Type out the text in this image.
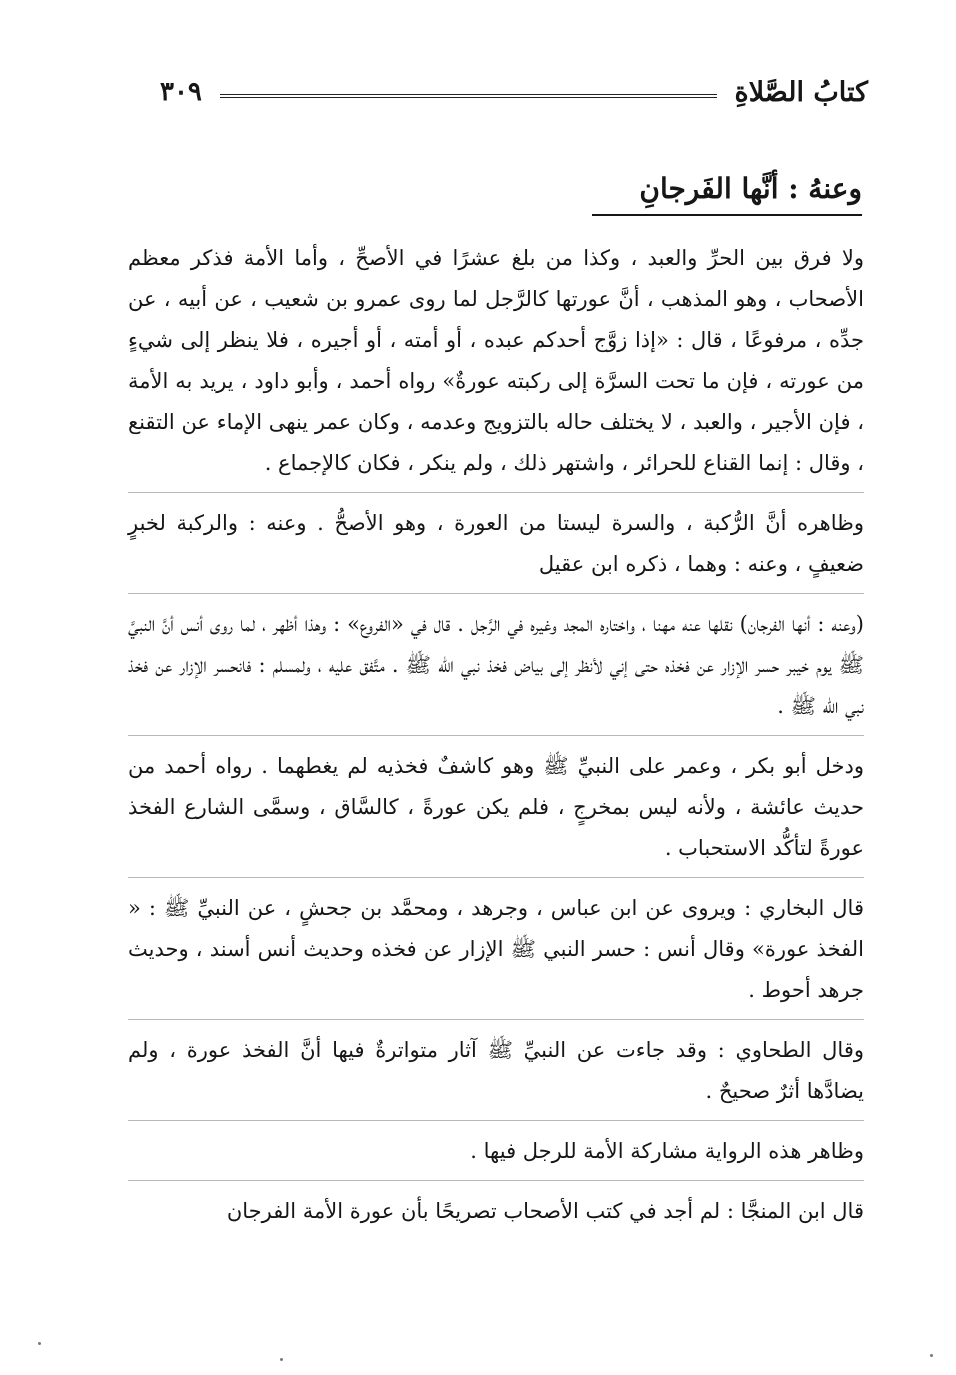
كتابُ الصَّلاةِ
٣٠٩
وعنهُ : أنَّها الفَرجانِ

ولا فرق بين الحرِّ والعبد ، وكذا من بلغ عشرًا في الأصحِّ ، وأما الأمة فذكر معظم الأصحاب ، وهو المذهب ، أنَّ عورتها كالرَّجل لما روى عمرو بن شعيب ، عن أبيه ، عن جدِّه ، مرفوعًا ، قال : «إذا زوَّج أحدكم عبده ، أو أمته ، أو أجيره ، فلا ينظر إلى شيءٍ من عورته ، فإن ما تحت السرَّة إلى ركبته عورةٌ» رواه أحمد ، وأبو داود ، يريد به الأمة ، فإن الأجير ، والعبد ، لا يختلف حاله بالتزويج وعدمه ، وكان عمر ينهى الإماء عن التقنع ، وقال : إنما القناع للحرائر ، واشتهر ذلك ، ولم ينكر ، فكان كالإجماع .

وظاهره أنَّ الرُّكبة ، والسرة ليستا من العورة ، وهو الأصحُّ . وعنه : والركبة لخبرٍ ضعيفٍ ، وعنه : وهما ، ذكره ابن عقيل

(وعنه : أنها الفرجان) نقلها عنه مهنا ، واختاره المجد وغيره في الرَّجل . قال في «الفروع» : وهذا أظهر ، لما روى أنس أنَّ النبيَّ ﷺ يوم خيبر حسر الإزار عن فخذه حتى إني لأنظر إلى بياض فخذ نبي اللّه ﷺ . متَّفق عليه ، ولمسلم : فانحسر الإزار عن فخذ نبي اللّه ﷺ .

ودخل أبو بكر ، وعمر على النبيِّ ﷺ وهو كاشفٌ فخذيه لم يغطهما . رواه أحمد من حديث عائشة ، ولأنه ليس بمخرجٍ ، فلم يكن عورةً ، كالسَّاق ، وسمَّى الشارع الفخذ عورةً لتأكُّد الاستحباب .

قال البخاري : ويروى عن ابن عباس ، وجرهد ، ومحمَّد بن جحشٍ ، عن النبيِّ ﷺ : « الفخذ عورة» وقال أنس : حسر النبي ﷺ الإزار عن فخذه وحديث أنس أسند ، وحديث جرهد أحوط .

وقال الطحاوي : وقد جاءت عن النبيِّ ﷺ آثار متواترةٌ فيها أنَّ الفخذ عورة ، ولم يضادَّها أثرٌ صحيحٌ .

وظاهر هذه الرواية مشاركة الأمة للرجل فيها .

قال ابن المنجَّا : لم أجد في كتب الأصحاب تصريحًا بأن عورة الأمة الفرجان
